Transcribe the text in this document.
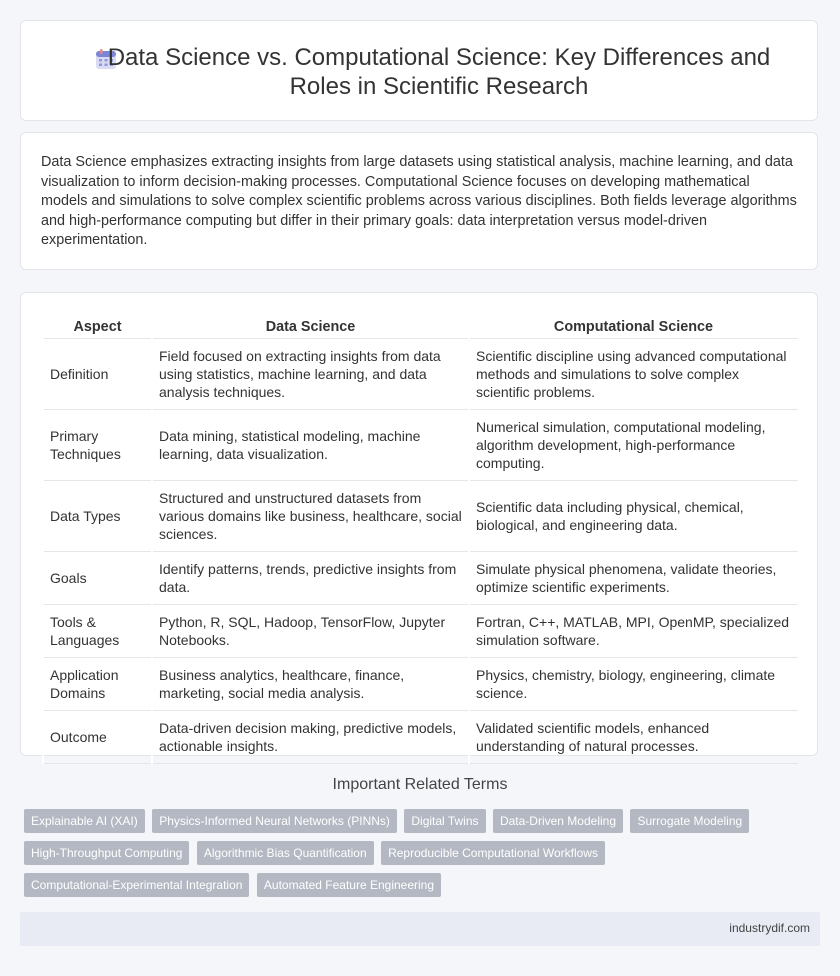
Data Science vs. Computational Science: Key Differences and Roles in Scientific Research

Data Science emphasizes extracting insights from large datasets using statistical analysis, machine learning, and data visualization to inform decision-making processes. Computational Science focuses on developing mathematical models and simulations to solve complex scientific problems across various disciplines. Both fields leverage algorithms and high-performance computing but differ in their primary goals: data interpretation versus model-driven experimentation.

Aspect	Data Science	Computational Science
Definition	Field focused on extracting insights from data using statistics, machine learning, and data analysis techniques.	Scientific discipline using advanced computational methods and simulations to solve complex scientific problems.
Primary Techniques	Data mining, statistical modeling, machine learning, data visualization.	Numerical simulation, computational modeling, algorithm development, high-performance computing.
Data Types	Structured and unstructured datasets from various domains like business, healthcare, social sciences.	Scientific data including physical, chemical, biological, and engineering data.
Goals	Identify patterns, trends, predictive insights from data.	Simulate physical phenomena, validate theories, optimize scientific experiments.
Tools & Languages	Python, R, SQL, Hadoop, TensorFlow, Jupyter Notebooks.	Fortran, C++, MATLAB, MPI, OpenMP, specialized simulation software.
Application Domains	Business analytics, healthcare, finance, marketing, social media analysis.	Physics, chemistry, biology, engineering, climate science.
Outcome	Data-driven decision making, predictive models, actionable insights.	Validated scientific models, enhanced understanding of natural processes.
Important Related Terms
Explainable AI (XAI) Physics-Informed Neural Networks (PINNs) Digital Twins Data-Driven Modeling Surrogate Modeling High-Throughput Computing Algorithmic Bias Quantification Reproducible Computational Workflows Computational-Experimental Integration Automated Feature Engineering
industrydif.com
